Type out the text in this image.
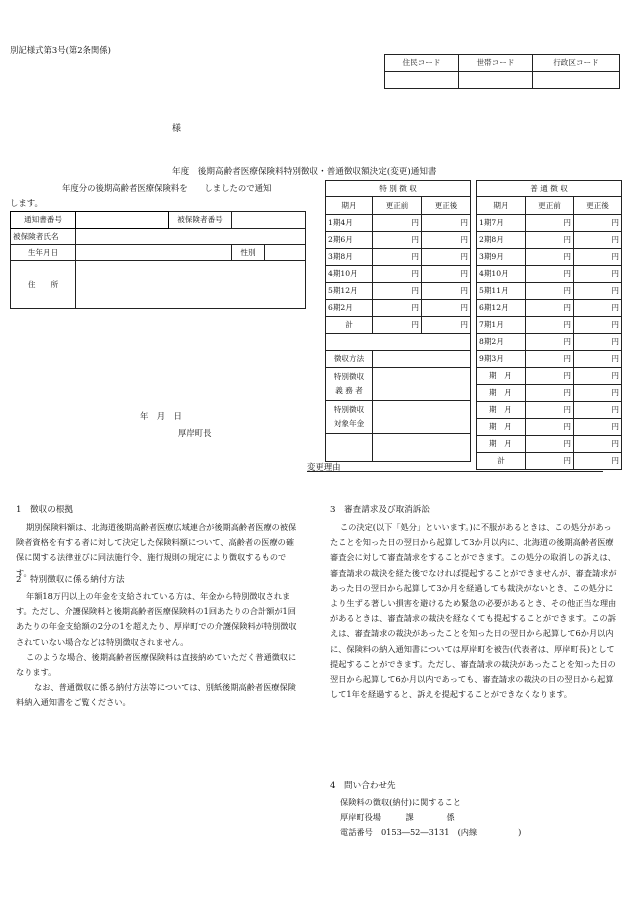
別記様式第3号(第2条関係)
住民コード	世帯コード	行政区コード

様
年度　後期高齢者医療保険料特別徴収・普通徴収額決定(変更)通知書
年度分の後期高齢者医療保険料を　　しましたので通知
します。
通知書番号		被保険者番号		
被保険者氏名				
生年月日			性別	
住　　所				
年　月　日
厚岸町長
特 別 徴 収		
期月	更正前	更正後
1期4月	円	円
2期6月	円	円
3期8月	円	円
4期10月	円	円
5期12月	円	円
6期2月	円	円
計	円	円

徴収方法		
特別徴収
義 務 者		
特別徴収
対象年金		

普 通 徴 収		
期月	更正前	更正後
1期7月	円	円
2期8月	円	円
3期9月	円	円
4期10月	円	円
5期11月	円	円
6期12月	円	円
7期1月	円	円
8期2月	円	円
9期3月	円	円
期　月	円	円
期　月	円	円
期　月	円	円
期　月	円	円
期　月	円	円
計	円	円
変更理由
1　徴収の根拠

期別保険料額は、北海道後期高齢者医療広域連合が後期高齢者医療の被保険者資格を有する者に対して決定した保険料額について、高齢者の医療の確保に関する法律並びに同法施行令、施行規則の規定により徴収するものです。

2　特別徴収に係る納付方法

年額18万円以上の年金を支給されている方は、年金から特別徴収されます。ただし、介護保険料と後期高齢者医療保険料の1回あたりの合計額が1回あたりの年金支給額の2分の1を超えたり、厚岸町での介護保険料が特別徴収されていない場合などは特別徴収されません。

このような場合、後期高齢者医療保険料は直接納めていただく普通徴収になります。

なお、普通徴収に係る納付方法等については、別紙後期高齢者医療保険料納入通知書をご覧ください。

3　審査請求及び取消訴訟

この決定(以下「処分」といいます。)に不服があるときは、この処分があったことを知った日の翌日から起算して3か月以内に、北海道の後期高齢者医療審査会に対して審査請求をすることができます。この処分の取消しの訴えは、審査請求の裁決を経た後でなければ提起することができませんが、審査請求があった日の翌日から起算して3か月を経過しても裁決がないとき、この処分により生ずる著しい損害を避けるため緊急の必要があるとき、その他正当な理由があるときは、審査請求の裁決を経なくても提起することができます。この訴えは、審査請求の裁決があったことを知った日の翌日から起算して6か月以内に、保険料の納入通知書については厚岸町を被告(代表者は、厚岸町長)として提起することができます。ただし、審査請求の裁決があったことを知った日の翌日から起算して6か月以内であっても、審査請求の裁決の日の翌日から起算して1年を経過すると、訴えを提起することができなくなります。

4　問い合わせ先
保険料の徴収(納付)に関すること
厚岸町役場　　　課　　　　係
電話番号　0153―52―3131　(内線　　　　　)
